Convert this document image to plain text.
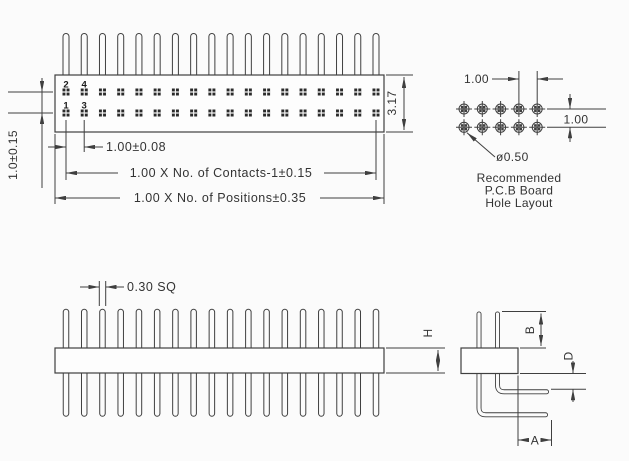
2 4
1 3
1.0±0.15	1.00±0.08
1.00 X No. of Contacts-1±0.15
1.00 X No. of Positions±0.35
3.17
1.00
1.00
ø0.50
Recommended
P.C.B Board
Hole Layout
0.30 SQ
H	B
D
A
